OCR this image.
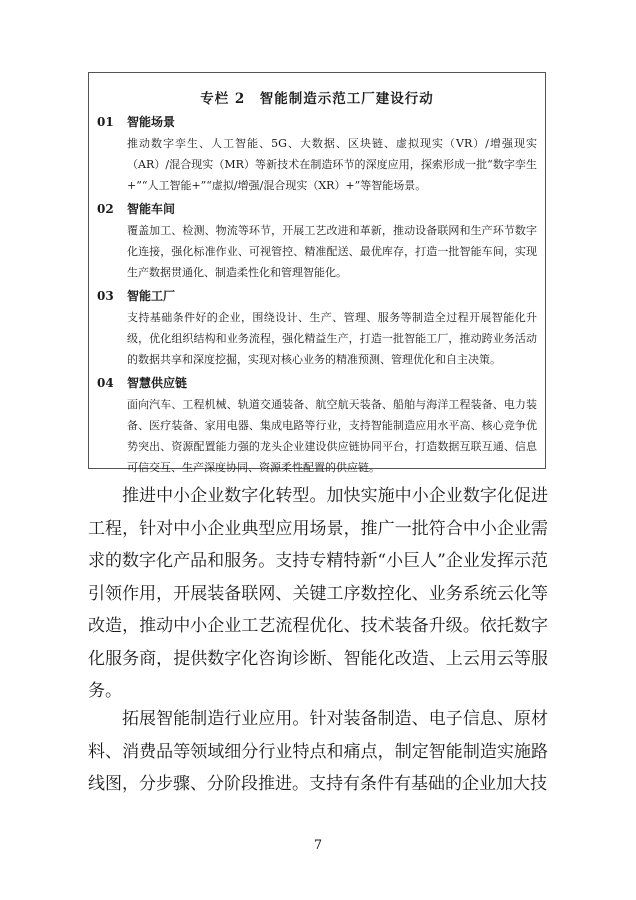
专栏 2　智能制造示范工厂建设行动
01	智能场景
推动数字孪生、人工智能、5G、大数据、区块链、虚拟现实（VR）/增强现实（AR）/混合现实（MR）等新技术在制造环节的深度应用，探索形成一批“数字孪生+”“人工智能+”“虚拟/增强/混合现实（XR）+”等智能场景。
02	智能车间
覆盖加工、检测、物流等环节，开展工艺改进和革新，推动设备联网和生产环节数字化连接，强化标准作业、可视管控、精准配送、最优库存，打造一批智能车间，实现生产数据贯通化、制造柔性化和管理智能化。
03	智能工厂
支持基础条件好的企业，围绕设计、生产、管理、服务等制造全过程开展智能化升级，优化组织结构和业务流程，强化精益生产，打造一批智能工厂，推动跨业务活动的数据共享和深度挖掘，实现对核心业务的精准预测、管理优化和自主决策。
04	智慧供应链
面向汽车、工程机械、轨道交通装备、航空航天装备、船舶与海洋工程装备、电力装备、医疗装备、家用电器、集成电路等行业，支持智能制造应用水平高、核心竞争优势突出、资源配置能力强的龙头企业建设供应链协同平台，打造数据互联互通、信息可信交互、生产深度协同、资源柔性配置的供应链。

推进中小企业数字化转型。加快实施中小企业数字化促进工程，针对中小企业典型应用场景，推广一批符合中小企业需求的数字化产品和服务。支持专精特新“小巨人”企业发挥示范引领作用，开展装备联网、关键工序数控化、业务系统云化等改造，推动中小企业工艺流程优化、技术装备升级。依托数字化服务商，提供数字化咨询诊断、智能化改造、上云用云等服务。

拓展智能制造行业应用。针对装备制造、电子信息、原材料、消费品等领域细分行业特点和痛点，制定智能制造实施路线图，分步骤、分阶段推进。支持有条件有基础的企业加大技

7
